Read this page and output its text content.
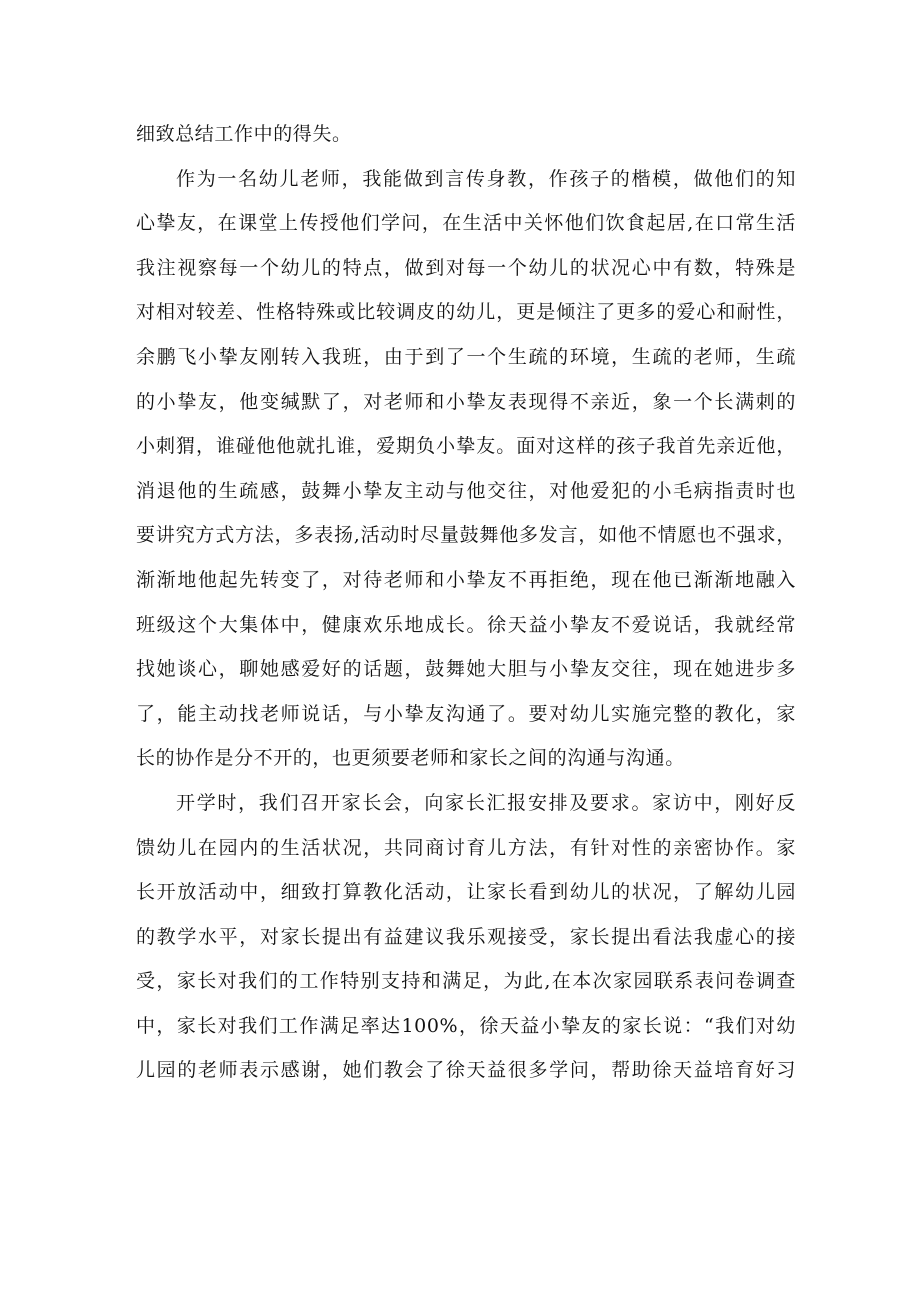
细致总结工作中的得失。
作为一名幼儿老师，我能做到言传身教，作孩子的楷模，做他们的知
心挚友，在课堂上传授他们学问，在生活中关怀他们饮食起居,在口常生活
我注视察每一个幼儿的特点，做到对每一个幼儿的状况心中有数，特殊是
对相对较差、性格特殊或比较调皮的幼儿，更是倾注了更多的爱心和耐性，
余鹏飞小挚友刚转入我班，由于到了一个生疏的环境，生疏的老师，生疏
的小挚友，他变缄默了，对老师和小挚友表现得不亲近，象一个长满刺的
小刺猬，谁碰他他就扎谁，爱期负小挚友。面对这样的孩子我首先亲近他，
消退他的生疏感，鼓舞小挚友主动与他交往，对他爱犯的小毛病指责时也
要讲究方式方法，多表扬,活动时尽量鼓舞他多发言，如他不情愿也不强求，
渐渐地他起先转变了，对待老师和小挚友不再拒绝，现在他已渐渐地融入
班级这个大集体中，健康欢乐地成长。徐天益小挚友不爱说话，我就经常
找她谈心，聊她感爱好的话题，鼓舞她大胆与小挚友交往，现在她进步多
了，能主动找老师说话，与小挚友沟通了。要对幼儿实施完整的教化，家
长的协作是分不开的，也更须要老师和家长之间的沟通与沟通。
开学时，我们召开家长会，向家长汇报安排及要求。家访中，刚好反
馈幼儿在园内的生活状况，共同商讨育儿方法，有针对性的亲密协作。家
长开放活动中，细致打算教化活动，让家长看到幼儿的状况，了解幼儿园
的教学水平，对家长提出有益建议我乐观接受，家长提出看法我虚心的接
受，家长对我们的工作特别支持和满足，为此,在本次家园联系表问卷调查
中，家长对我们工作满足率达100%，徐天益小挚友的家长说：“我们对幼
儿园的老师表示感谢，她们教会了徐天益很多学问，帮助徐天益培育好习
